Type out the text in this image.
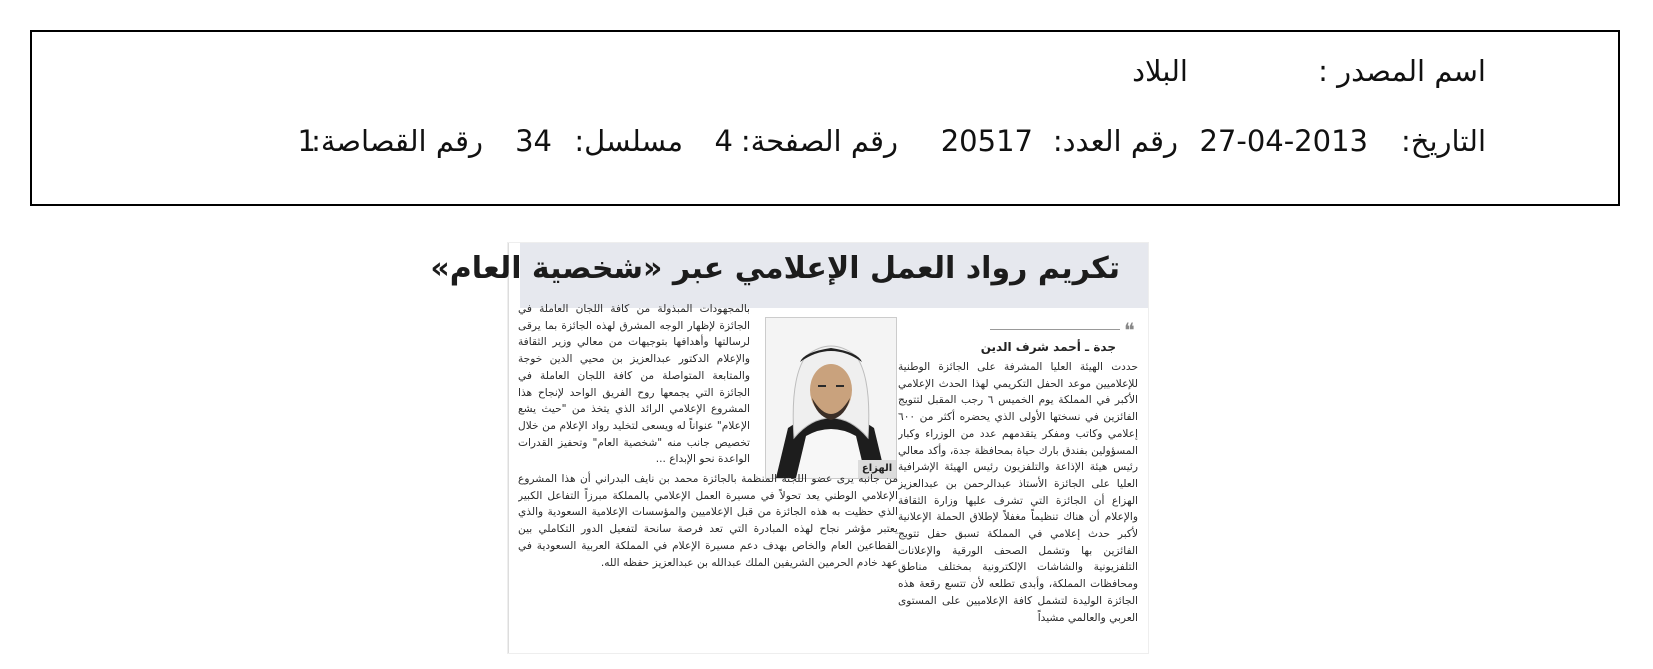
اسم المصدر :
البلاد
التاريخ:
27-04-2013
رقم العدد:
20517
رقم الصفحة:
4
مسلسل:
34
رقم القصاصة:
1
تكريم رواد العمل الإعلامي عبر «شخصية العام»
❝
جدة ـ أحمد شرف الدين

حددت الهيئة العليا المشرفة على الجائزة الوطنية للإعلاميين موعد الحفل التكريمي لهذا الحدث الإعلامي الأكبر في المملكة يوم الخميس ٦ رجب المقبل لتتويج الفائزين في نسختها الأولى الذي يحضره أكثر من ٦٠٠ إعلامي وكاتب ومفكر يتقدمهم عدد من الوزراء وكبار المسؤولين بفندق بارك حياة بمحافظة جدة، وأكد معالي رئيس هيئة الإذاعة والتلفزيون رئيس الهيئة الإشرافية العليا على الجائزة الأستاذ عبدالرحمن بن عبدالعزيز الهزاع أن الجائزة التي تشرف عليها وزارة الثقافة والإعلام أن هناك تنظيماً مغفلاً لإطلاق الحملة الإعلانية لأكبر حدث إعلامي في المملكة تسبق حفل تتويج الفائزين بها وتشمل الصحف الورقية والإعلانات التلفزيونية والشاشات الإلكترونية بمختلف مناطق ومحافظات المملكة، وأبدى تطلعه لأن تتسع رقعة هذه الجائزة الوليدة لتشمل كافة الإعلاميين على المستوى العربي والعالمي مشيداً

الهزاع

بالمجهودات المبذولة من كافة اللجان العاملة في الجائزة لإظهار الوجه المشرق لهذه الجائزة بما يرقى لرسالتها وأهدافها بتوجيهات من معالي وزير الثقافة والإعلام الدكتور عبدالعزيز بن محيي الدين خوجة والمتابعة المتواصلة من كافة اللجان العاملة في الجائزة التي يجمعها روح الفريق الواحد لإنجاح هذا المشروع الإعلامي الرائد الذي يتخذ من "حيث يشع الإعلام" عنواناً له ويسعى لتخليد رواد الإعلام من خلال تخصيص جانب منه "شخصية العام" وتحفيز القدرات الواعدة نحو الإبداع ...

من جانبه يرى عضو اللجنة المنظمة بالجائزة محمد بن نايف البدراني أن هذا المشروع الإعلامي الوطني يعد تحولاً في مسيرة العمل الإعلامي بالمملكة مبرزاً التفاعل الكبير الذي حظيت به هذه الجائزة من قبل الإعلاميين والمؤسسات الإعلامية السعودية والذي يعتبر مؤشر نجاح لهذه المبادرة التي تعد فرصة سانحة لتفعيل الدور التكاملي بين القطاعين العام والخاص بهدف دعم مسيرة الإعلام في المملكة العربية السعودية في عهد خادم الحرمين الشريفين الملك عبدالله بن عبدالعزيز حفظه الله.
